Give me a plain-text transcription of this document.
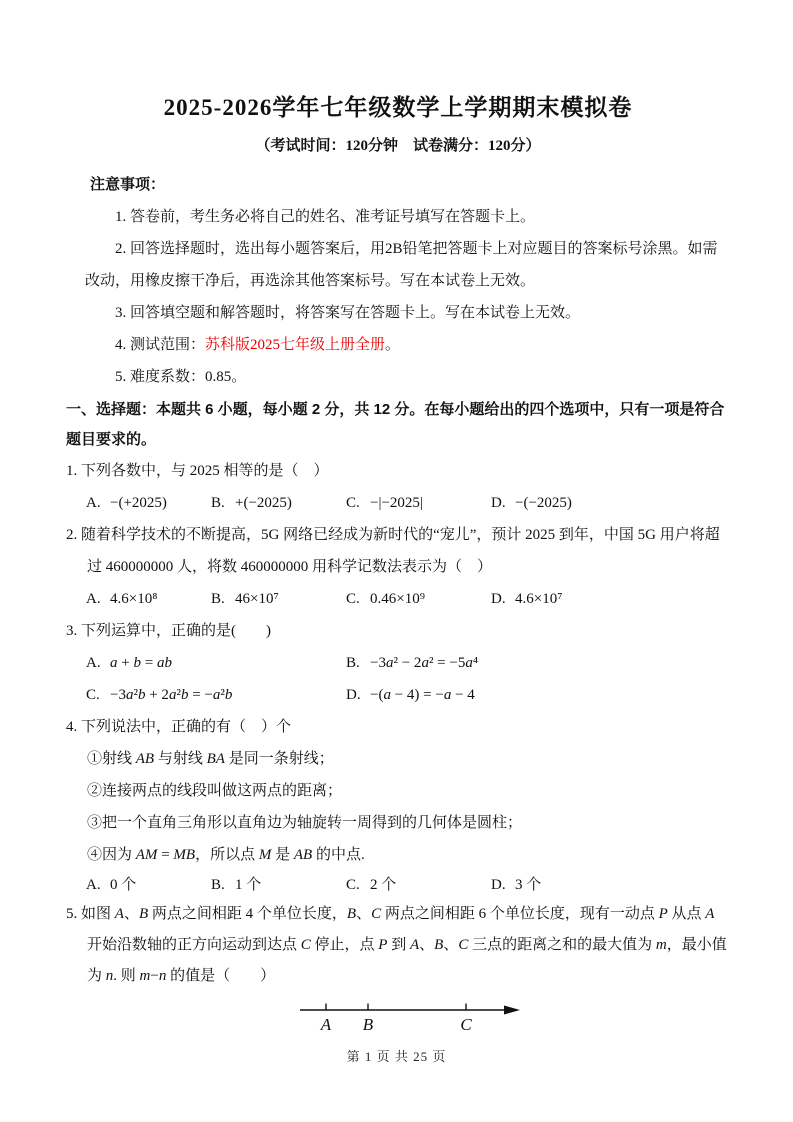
2025-2026学年七年级数学上学期期末模拟卷

（考试时间：120分钟　试卷满分：120分）

注意事项：

1. 答卷前，考生务必将自己的姓名、准考证号填写在答题卡上。

2. 回答选择题时，选出每小题答案后，用2B铅笔把答题卡上对应题目的答案标号涂黑。如需改动，用橡皮擦干净后，再选涂其他答案标号。写在本试卷上无效。

3. 回答填空题和解答题时，将答案写在答题卡上。写在本试卷上无效。

4. 测试范围：苏科版2025七年级上册全册。

5. 难度系数：0.85。

一、选择题：本题共 6 小题，每小题 2 分，共 12 分。在每小题给出的四个选项中，只有一项是符合题目要求的。

1. 下列各数中，与 2025 相等的是（　）

A. −(+2025)	B. +(−2025)	C. −|−2025|	D. −(−2025)

2. 随着科学技术的不断提高，5G 网络已经成为新时代的“宠儿”，预计 2025 到年，中国 5G 用户将超过 460000000 人，将数 460000000 用科学记数法表示为（　）

A. 4.6×10⁸	B. 46×10⁷	C. 0.46×10⁹	D. 4.6×10⁷

3. 下列运算中，正确的是(　　)

A. a + b = ab	B. −3a² − 2a² = −5a⁴
C. −3a²b + 2a²b = −a²b	D. −(a − 4) = −a − 4

4. 下列说法中，正确的有（　）个

①射线 AB 与射线 BA 是同一条射线；

②连接两点的线段叫做这两点的距离；

③把一个直角三角形以直角边为轴旋转一周得到的几何体是圆柱；

④因为 AM = MB，所以点 M 是 AB 的中点.

A. 0 个	B. 1 个	C. 2 个	D. 3 个

5. 如图 A、B 两点之间相距 4 个单位长度，B、C 两点之间相距 6 个单位长度，现有一动点 P 从点 A 开始沿数轴的正方向运动到达点 C 停止，点 P 到 A、B、C 三点的距离之和的最大值为 m，最小值为 n. 则 m−n 的值是（　　）

A B	C
第 1 页 共 25 页
